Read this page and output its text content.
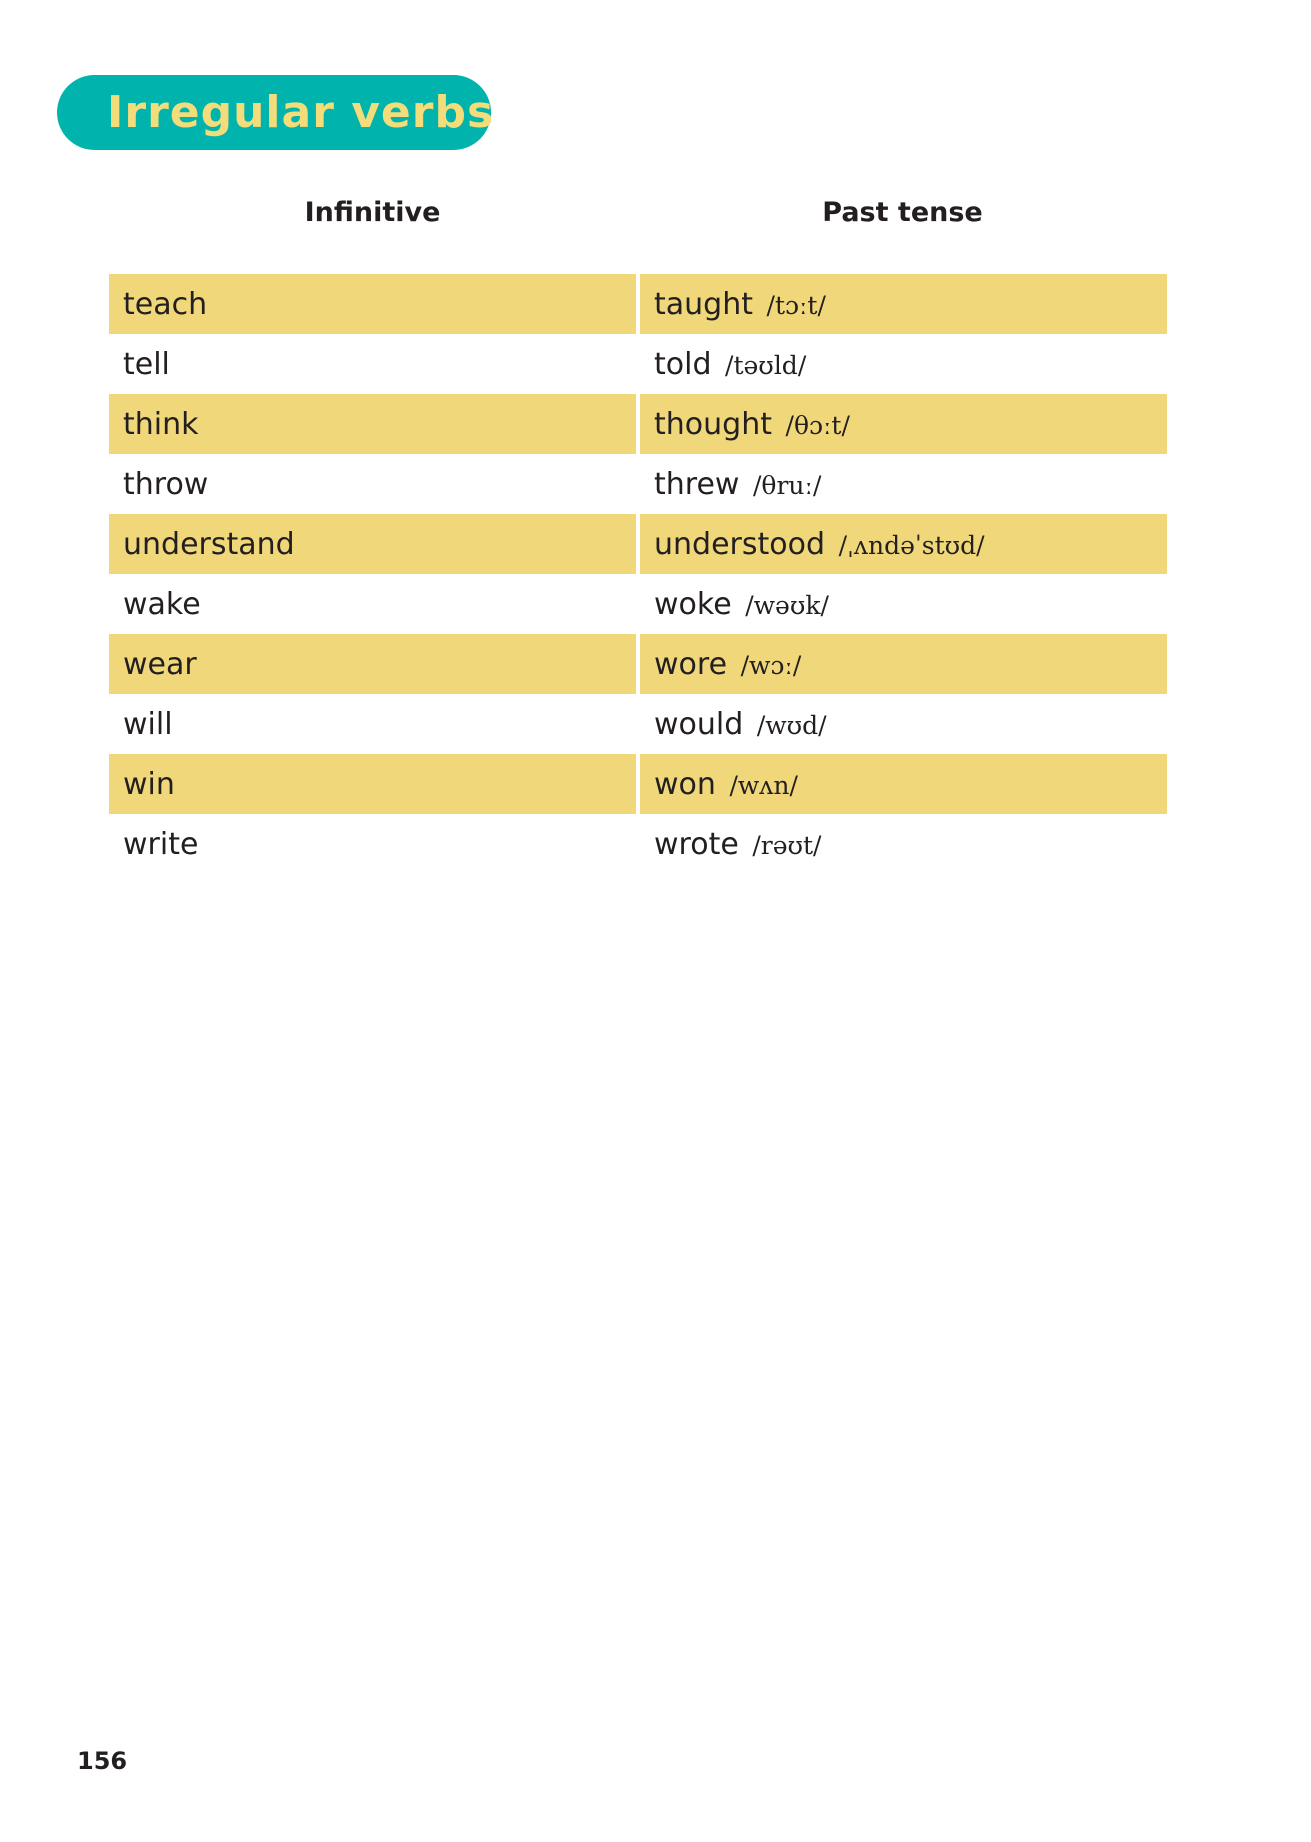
Irregular verbs
Infinitive	Past tense
teach	taught /tɔːt/
tell	told /təʊld/
think	thought /θɔːt/
throw	threw /θruː/
understand	understood /ˌʌndəˈstʊd/
wake	woke /wəʊk/
wear	wore /wɔː/
will	would /wʊd/
win	won /wʌn/
write	wrote /rəʊt/
156
